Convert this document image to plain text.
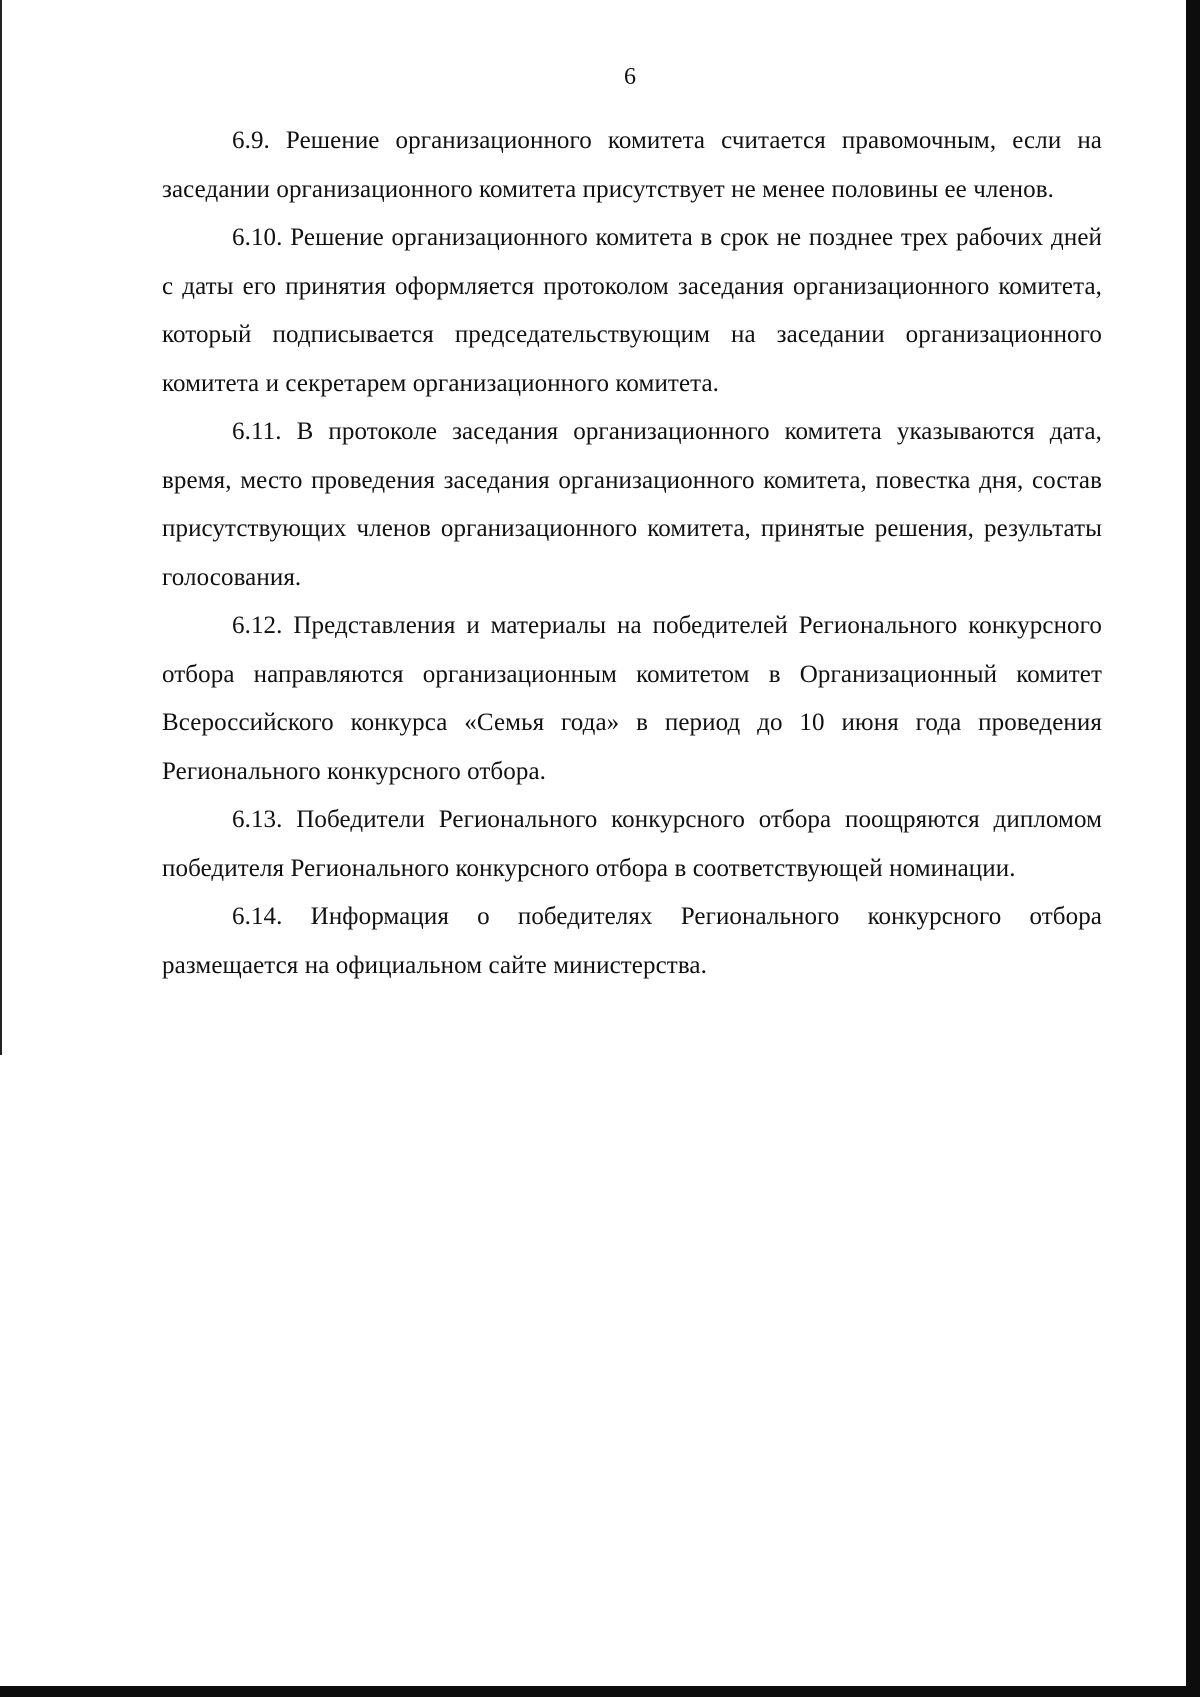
6

6.9. Решение организационного комитета считается правомочным, если на заседании организационного комитета присутствует не менее половины ее членов.

6.10. Решение организационного комитета в срок не позднее трех рабочих дней с даты его принятия оформляется протоколом заседания организационного комитета, который подписывается председательствующим на заседании организационного комитета и секретарем организационного комитета.

6.11. В протоколе заседания организационного комитета указываются дата, время, место проведения заседания организационного комитета, повестка дня, состав присутствующих членов организационного комитета, принятые решения, результаты голосования.

6.12. Представления и материалы на победителей Регионального конкурсного отбора направляются организационным комитетом в Организационный комитет Всероссийского конкурса «Семья года» в период до 10 июня года проведения Регионального конкурсного отбора.

6.13. Победители Регионального конкурсного отбора поощряются дипломом победителя Регионального конкурсного отбора в соответствующей номинации.

6.14. Информация о победителях Регионального конкурсного отбора размещается на официальном сайте министерства.
